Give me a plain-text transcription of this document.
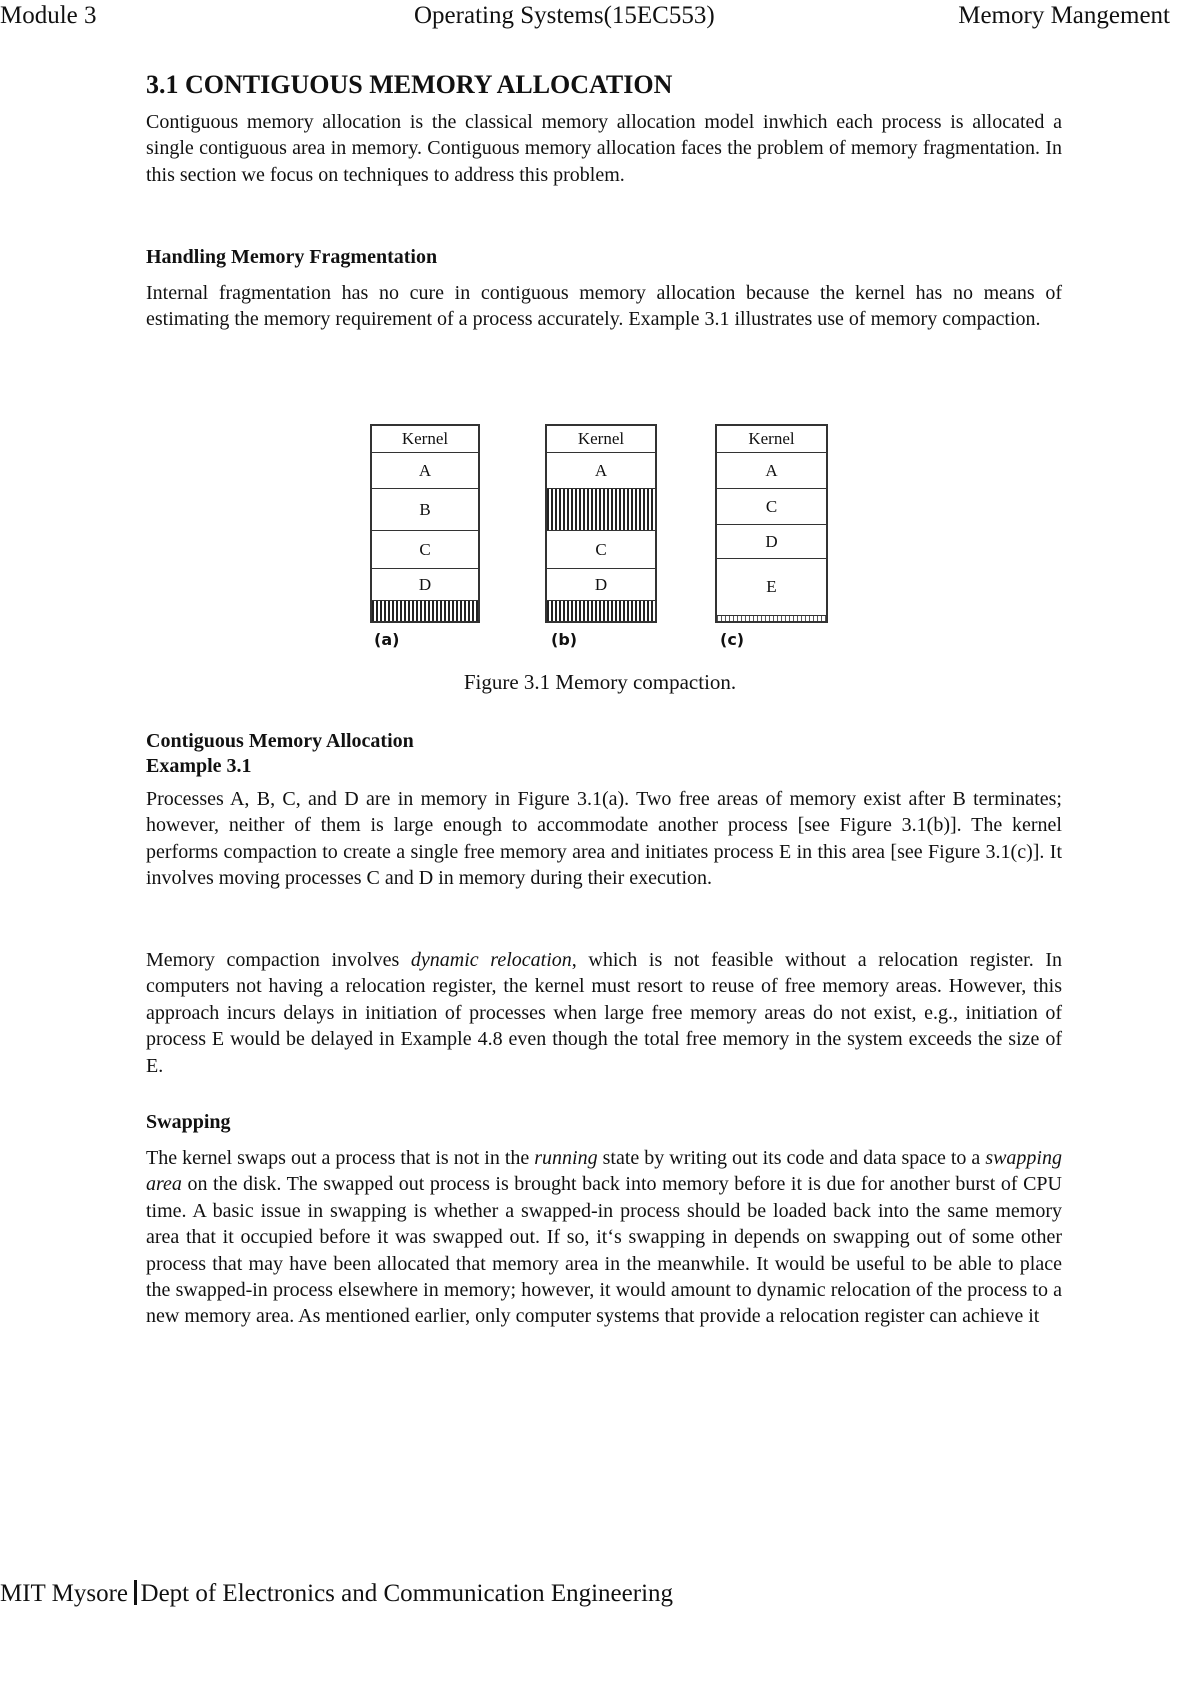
Module 3	Operating Systems(15EC553)	Memory Mangement
3.1 CONTIGUOUS MEMORY ALLOCATION

Contiguous memory allocation is the classical memory allocation model inwhich each process is allocated a single contiguous area in memory. Contiguous memory allocation faces the problem of memory fragmentation. In this section we focus on techniques to address this problem.

Handling Memory Fragmentation

Internal fragmentation has no cure in contiguous memory allocation because the kernel has no means of estimating the memory requirement of a process accurately. Example 3.1 illustrates use of memory compaction.

Kernel
A
B
C
D
(a)
Kernel
A
C
D
(b)
Kernel
A
C
D
E
(c)
Figure 3.1 Memory compaction.
Contiguous Memory Allocation
Example 3.1

Processes A, B, C, and D are in memory in Figure 3.1(a). Two free areas of memory exist after B terminates; however, neither of them is large enough to accommodate another process [see Figure 3.1(b)]. The kernel performs compaction to create a single free memory area and initiates process E in this area [see Figure 3.1(c)]. It involves moving processes C and D in memory during their execution.

Memory compaction involves dynamic relocation, which is not feasible without a relocation register. In computers not having a relocation register, the kernel must resort to reuse of free memory areas. However, this approach incurs delays in initiation of processes when large free memory areas do not exist, e.g., initiation of process E would be delayed in Example 4.8 even though the total free memory in the system exceeds the size of E.

Swapping

The kernel swaps out a process that is not in the running state by writing out its code and data space to a swapping area on the disk. The swapped out process is brought back into memory before it is due for another burst of CPU time. A basic issue in swapping is whether a swapped-in process should be loaded back into the same memory area that it occupied before it was swapped out. If so, it‘s swapping in depends on swapping out of some other process that may have been allocated that memory area in the meanwhile. It would be useful to be able to place the swapped-in process elsewhere in memory; however, it would amount to dynamic relocation of the process to a new memory area. As mentioned earlier, only computer systems that provide a relocation register can achieve it

MIT Mysore Dept of Electronics and Communication Engineering
